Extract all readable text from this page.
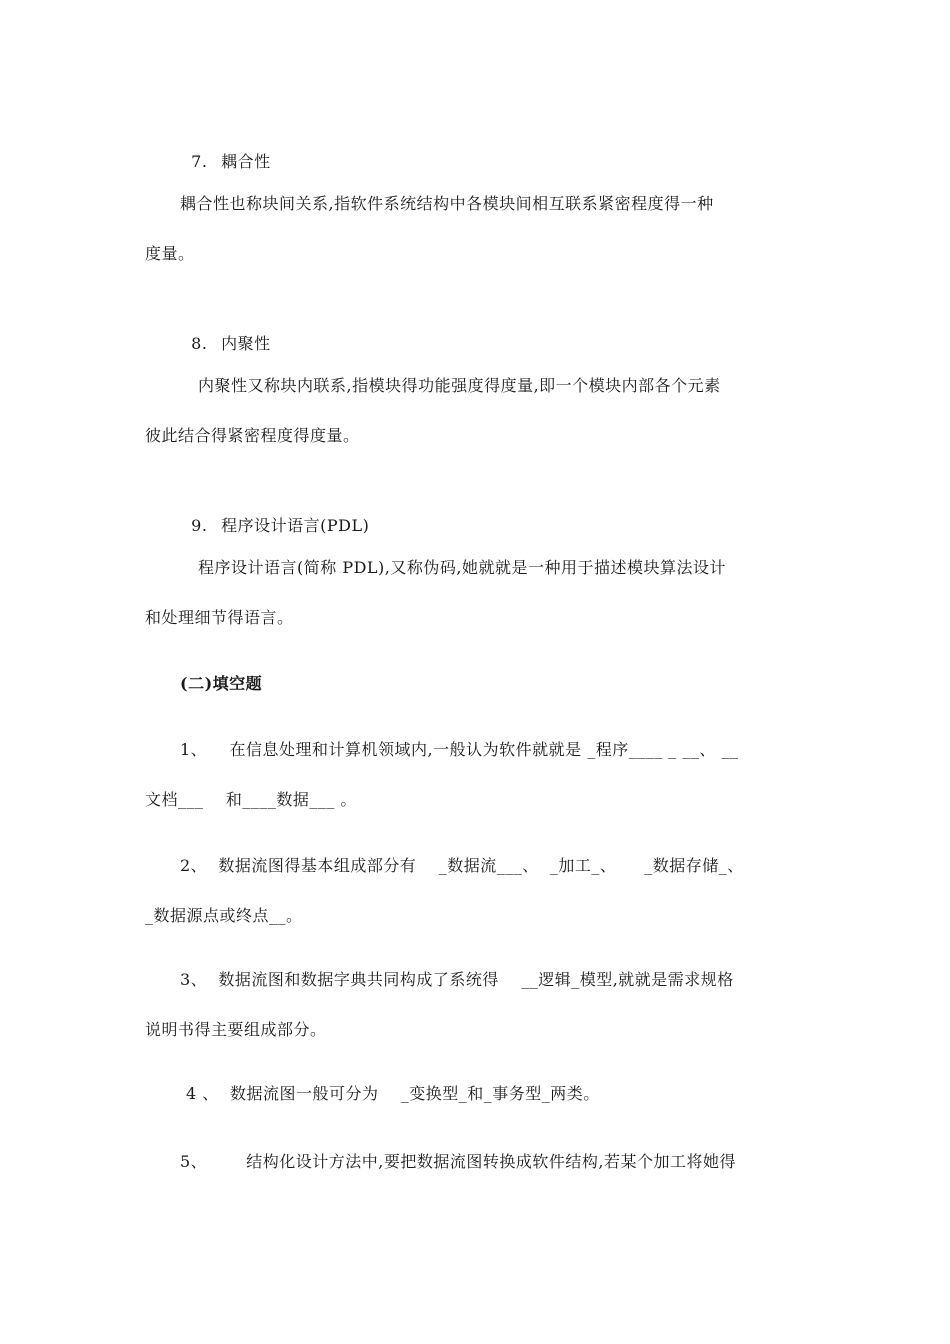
7. 耦合性

耦合性也称块间关系,指软件系统结构中各模块间相互联系紧密程度得一种
度量。

8. 内聚性

内聚性又称块内联系,指模块得功能强度得度量,即一个模块内部各个元素
彼此结合得紧密程度得度量。

9. 程序设计语言(PDL)

程序设计语言(简称 PDL),又称伪码,她就就是一种用于描述模块算法设计
和处理细节得语言。
(二)填空题
1、    在信息处理和计算机领域内,一般认为软件就就是 _程序____ _ __、 __
文档___    和____数据___ 。
2、  数据流图得基本组成部分有    _数据流___、  _加工_、     _数据存储_、
_数据源点或终点__。
3、  数据流图和数据字典共同构成了系统得    __逻辑_模型,就就是需求规格
说明书得主要组成部分。
4 、  数据流图一般可分为    _变换型_和_事务型_两类。
5、       结构化设计方法中,要把数据流图转换成软件结构,若某个加工将她得
